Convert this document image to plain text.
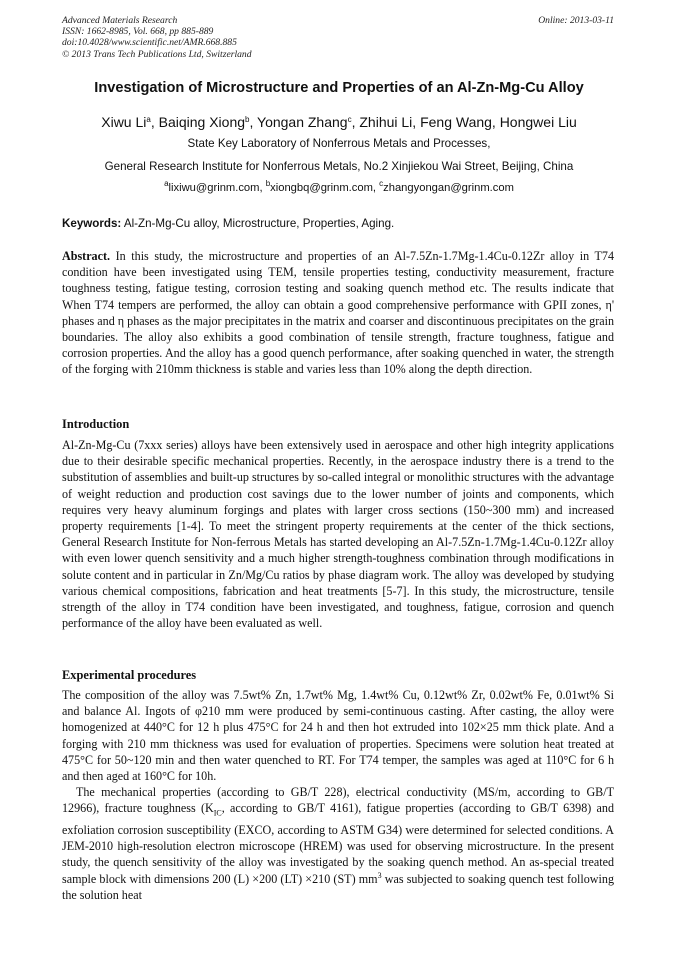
Advanced Materials Research
ISSN: 1662-8985, Vol. 668, pp 885-889
doi:10.4028/www.scientific.net/AMR.668.885
© 2013 Trans Tech Publications Ltd, Switzerland
Online: 2013-03-11
Investigation of Microstructure and Properties of an Al-Zn-Mg-Cu Alloy
Xiwu Li$^a$, Baiqing Xiong$^b$, Yongan Zhang$^c$, Zhihui Li, Feng Wang, Hongwei Liu
State Key Laboratory of Nonferrous Metals and Processes,
General Research Institute for Nonferrous Metals, No.2 Xinjiekou Wai Street, Beijing, China
$^a$lixiwu@grinm.com, $^b$xiongbq@grinm.com, $^c$zhangyongan@grinm.com
Keywords: Al-Zn-Mg-Cu alloy, Microstructure, Properties, Aging.

Abstract. In this study, the microstructure and properties of an Al-7.5Zn-1.7Mg-1.4Cu-0.12Zr alloy in T74 condition have been investigated using TEM, tensile properties testing, conductivity measurement, fracture toughness testing, fatigue testing, corrosion testing and soaking quench method etc. The results indicate that When T74 tempers are performed, the alloy can obtain a good comprehensive performance with GPII zones, η' phases and η phases as the major precipitates in the matrix and coarser and discontinuous precipitates on the grain boundaries. The alloy also exhibits a good combination of tensile strength, fracture toughness, fatigue and corrosion properties. And the alloy has a good quench performance, after soaking quenched in water, the strength of the forging with 210mm thickness is stable and varies less than 10% along the depth direction.

Introduction

Al-Zn-Mg-Cu (7xxx series) alloys have been extensively used in aerospace and other high integrity applications due to their desirable specific mechanical properties. Recently, in the aerospace industry there is a trend to the substitution of assemblies and built-up structures by so-called integral or monolithic structures with the advantage of weight reduction and production cost savings due to the lower number of joints and components, which requires very heavy aluminum forgings and plates with larger cross sections (150~300 mm) and increased property requirements [1-4]. To meet the stringent property requirements at the center of the thick sections, General Research Institute for Non-ferrous Metals has started developing an Al-7.5Zn-1.7Mg-1.4Cu-0.12Zr alloy with even lower quench sensitivity and a much higher strength-toughness combination through modifications in solute content and in particular in Zn/Mg/Cu ratios by phase diagram work. The alloy was developed by studying various chemical compositions, fabrication and heat treatments [5-7]. In this study, the microstructure, tensile strength of the alloy in T74 condition have been investigated, and toughness, fatigue, corrosion and quench performance of the alloy have been evaluated as well.

Experimental procedures

The composition of the alloy was 7.5wt% Zn, 1.7wt% Mg, 1.4wt% Cu, 0.12wt% Zr, 0.02wt% Fe, 0.01wt% Si and balance Al. Ingots of φ210 mm were produced by semi-continuous casting. After casting, the alloy were homogenized at 440°C for 12 h plus 475°C for 24 h and then hot extruded into 102×25 mm thick plate. And a forging with 210 mm thickness was used for evaluation of properties. Specimens were solution heat treated at 475°C for 50~120 min and then water quenched to RT. For T74 temper, the samples was aged at 110°C for 6 h and then aged at 160°C for 10h.

The mechanical properties (according to GB/T 228), electrical conductivity (MS/m, according to GB/T 12966), fracture toughness ($K_{IC}$, according to GB/T 4161), fatigue properties (according to GB/T 6398) and exfoliation corrosion susceptibility (EXCO, according to ASTM G34) were determined for selected conditions. A JEM-2010 high-resolution electron microscope (HREM) was used for observing microstructure. In the present study, the quench sensitivity of the alloy was investigated by the soaking quench method. An as-special treated sample block with dimensions 200 (L) ×200 (LT) ×210 (ST) $mm^3$ was subjected to soaking quench test following the solution heat
